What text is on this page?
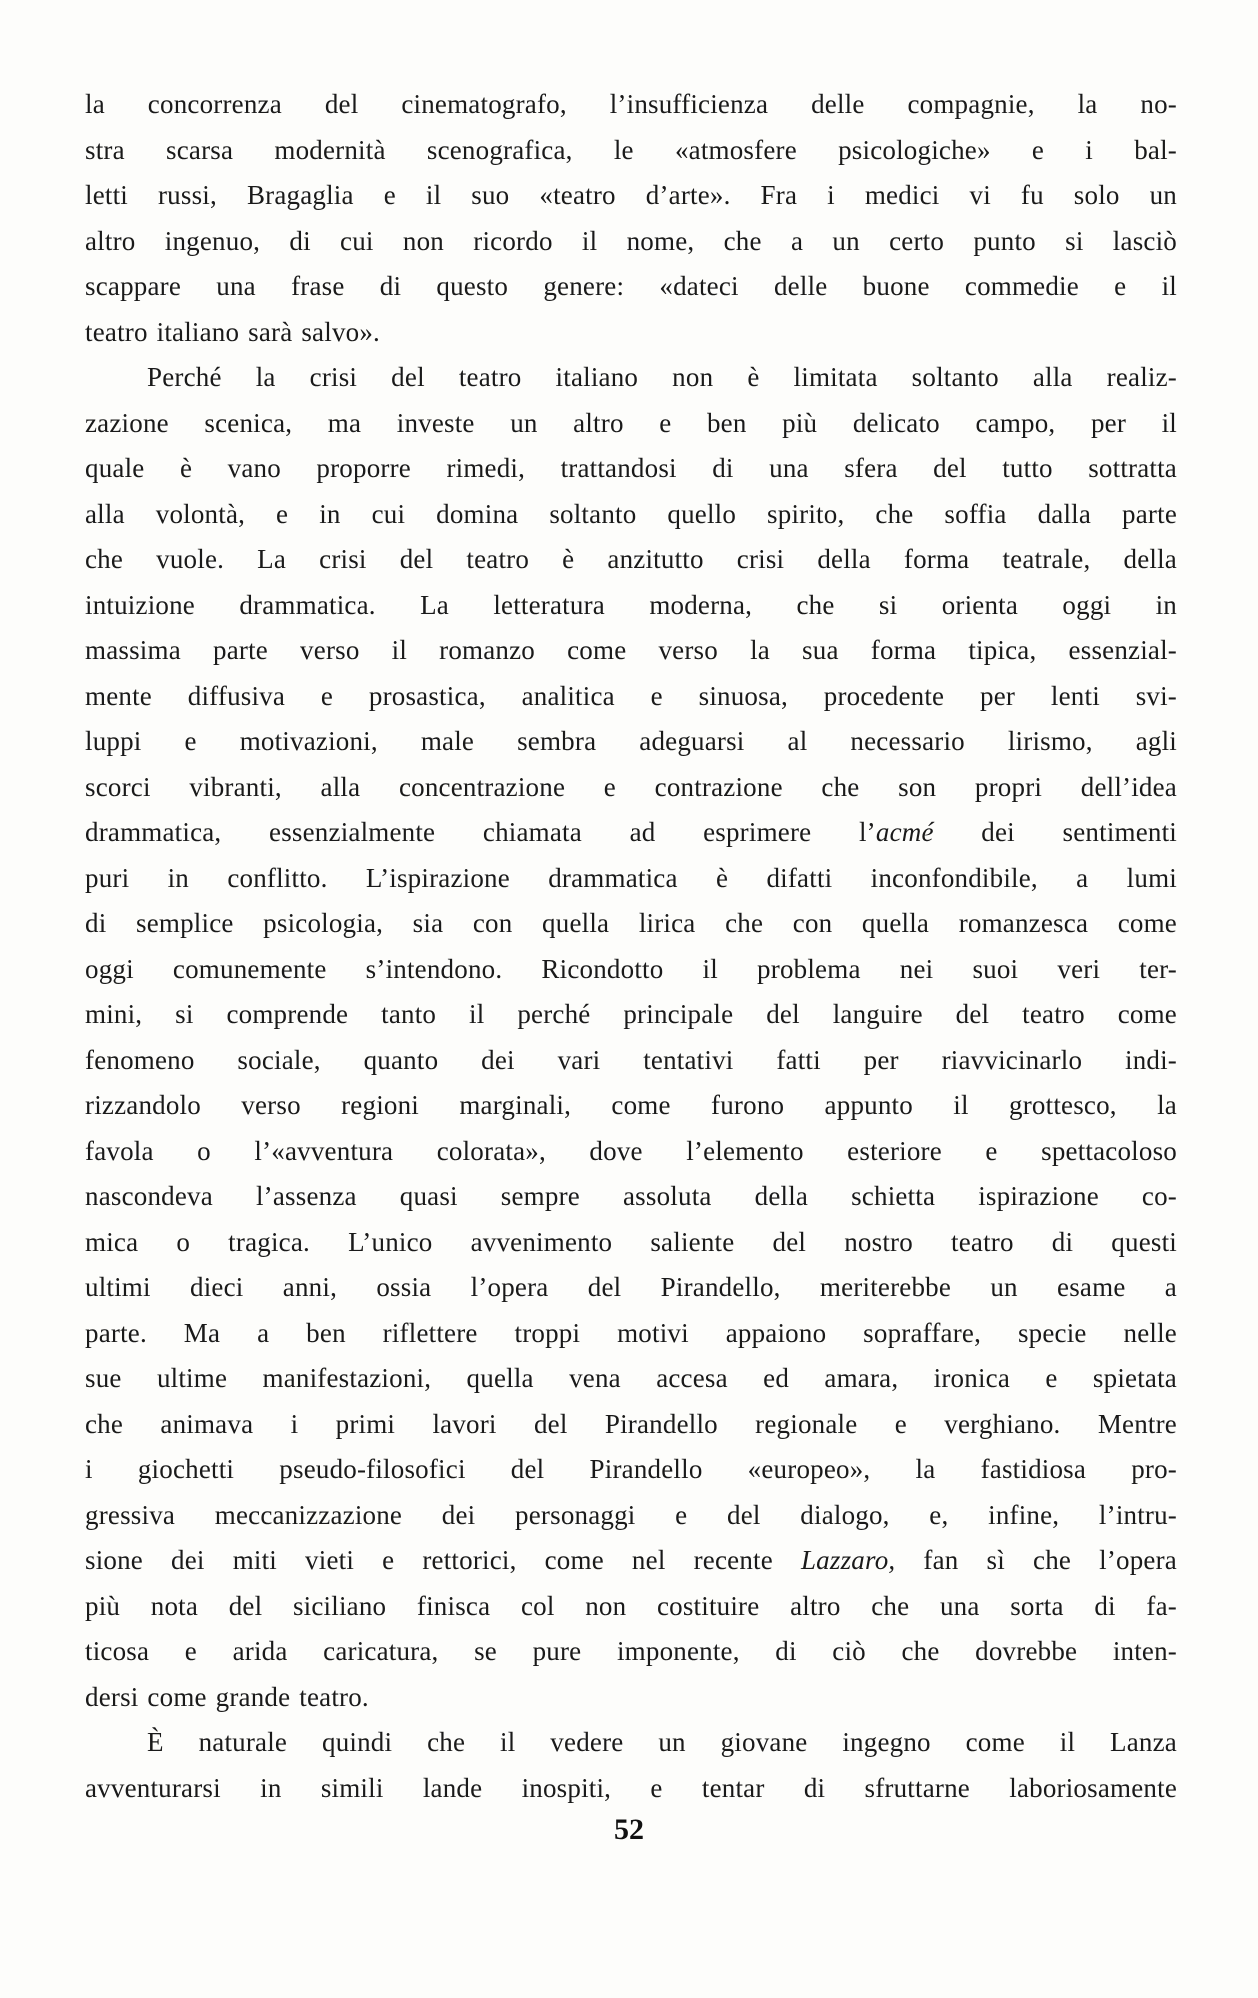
la concorrenza del cinematografo, l’insufficienza delle compagnie, la no-
stra scarsa modernità scenografica, le «atmosfere psicologiche» e i bal-
letti russi, Bragaglia e il suo «teatro d’arte». Fra i medici vi fu solo un
altro ingenuo, di cui non ricordo il nome, che a un certo punto si lasciò
scappare una frase di questo genere: «dateci delle buone commedie e il
teatro italiano sarà salvo».
Perché la crisi del teatro italiano non è limitata soltanto alla realiz-
zazione scenica, ma investe un altro e ben più delicato campo, per il
quale è vano proporre rimedi, trattandosi di una sfera del tutto sottratta
alla volontà, e in cui domina soltanto quello spirito, che soffia dalla parte
che vuole. La crisi del teatro è anzitutto crisi della forma teatrale, della
intuizione drammatica. La letteratura moderna, che si orienta oggi in
massima parte verso il romanzo come verso la sua forma tipica, essenzial-
mente diffusiva e prosastica, analitica e sinuosa, procedente per lenti svi-
luppi e motivazioni, male sembra adeguarsi al necessario lirismo, agli
scorci vibranti, alla concentrazione e contrazione che son propri dell’idea
drammatica, essenzialmente chiamata ad esprimere l’acmé dei sentimenti
puri in conflitto. L’ispirazione drammatica è difatti inconfondibile, a lumi
di semplice psicologia, sia con quella lirica che con quella romanzesca come
oggi comunemente s’intendono. Ricondotto il problema nei suoi veri ter-
mini, si comprende tanto il perché principale del languire del teatro come
fenomeno sociale, quanto dei vari tentativi fatti per riavvicinarlo indi-
rizzandolo verso regioni marginali, come furono appunto il grottesco, la
favola o l’«avventura colorata», dove l’elemento esteriore e spettacoloso
nascondeva l’assenza quasi sempre assoluta della schietta ispirazione co-
mica o tragica. L’unico avvenimento saliente del nostro teatro di questi
ultimi dieci anni, ossia l’opera del Pirandello, meriterebbe un esame a
parte. Ma a ben riflettere troppi motivi appaiono sopraffare, specie nelle
sue ultime manifestazioni, quella vena accesa ed amara, ironica e spietata
che animava i primi lavori del Pirandello regionale e verghiano. Mentre
i giochetti pseudo-filosofici del Pirandello «europeo», la fastidiosa pro-
gressiva meccanizzazione dei personaggi e del dialogo, e, infine, l’intru-
sione dei miti vieti e rettorici, come nel recente Lazzaro, fan sì che l’opera
più nota del siciliano finisca col non costituire altro che una sorta di fa-
ticosa e arida caricatura, se pure imponente, di ciò che dovrebbe inten-
dersi come grande teatro.
È naturale quindi che il vedere un giovane ingegno come il Lanza
avventurarsi in simili lande inospiti, e tentar di sfruttarne laboriosamente
52
